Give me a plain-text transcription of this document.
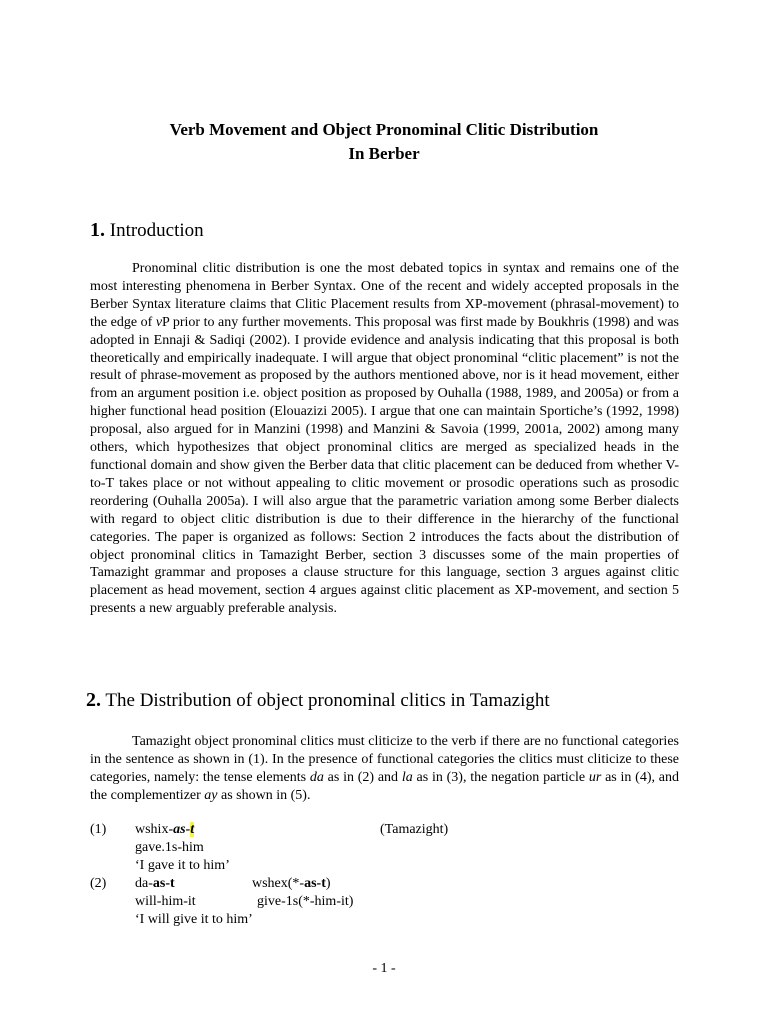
Verb Movement and Object Pronominal Clitic Distribution
In Berber
1. Introduction

Pronominal clitic distribution is one the most debated topics in syntax and remains one of the most interesting phenomena in Berber Syntax. One of the recent and widely accepted proposals in the Berber Syntax literature claims that Clitic Placement results from XP-movement (phrasal-movement) to the edge of vP prior to any further movements. This proposal was first made by Boukhris (1998) and was adopted in Ennaji & Sadiqi (2002). I provide evidence and analysis indicating that this proposal is both theoretically and empirically inadequate. I will argue that object pronominal “clitic placement” is not the result of phrase-movement as proposed by the authors mentioned above, nor is it head movement, either from an argument position i.e. object position as proposed by Ouhalla (1988, 1989, and 2005a) or from a higher functional head position (Elouazizi 2005). I argue that one can maintain Sportiche’s (1992, 1998) proposal, also argued for in Manzini (1998) and Manzini & Savoia (1999, 2001a, 2002) among many others, which hypothesizes that object pronominal clitics are merged as specialized heads in the functional domain and show given the Berber data that clitic placement can be deduced from whether V-to-T takes place or not without appealing to clitic movement or prosodic operations such as prosodic reordering (Ouhalla 2005a). I will also argue that the parametric variation among some Berber dialects with regard to object clitic distribution is due to their difference in the hierarchy of the functional categories. The paper is organized as follows: Section 2 introduces the facts about the distribution of object pronominal clitics in Tamazight Berber, section 3 discusses some of the main properties of Tamazight grammar and proposes a clause structure for this language, section 3 argues against clitic placement as head movement, section 4 argues against clitic placement as XP-movement, and section 5 presents a new arguably preferable analysis.

2. The Distribution of object pronominal clitics in Tamazight

Tamazight object pronominal clitics must cliticize to the verb if there are no functional categories in the sentence as shown in (1). In the presence of functional categories the clitics must cliticize to these categories, namely: the tense elements da as in (2) and la as in (3), the negation particle ur as in (4), and the complementizer ay as shown in (5).

(1) wshix-as-t	(Tamazight)
gave.1s-him
‘I gave it to him’
(2) da-as-t	wshex(*-as-t)
will-him-it	give-1s(*-him-it)
‘I will give it to him’
- 1 -
